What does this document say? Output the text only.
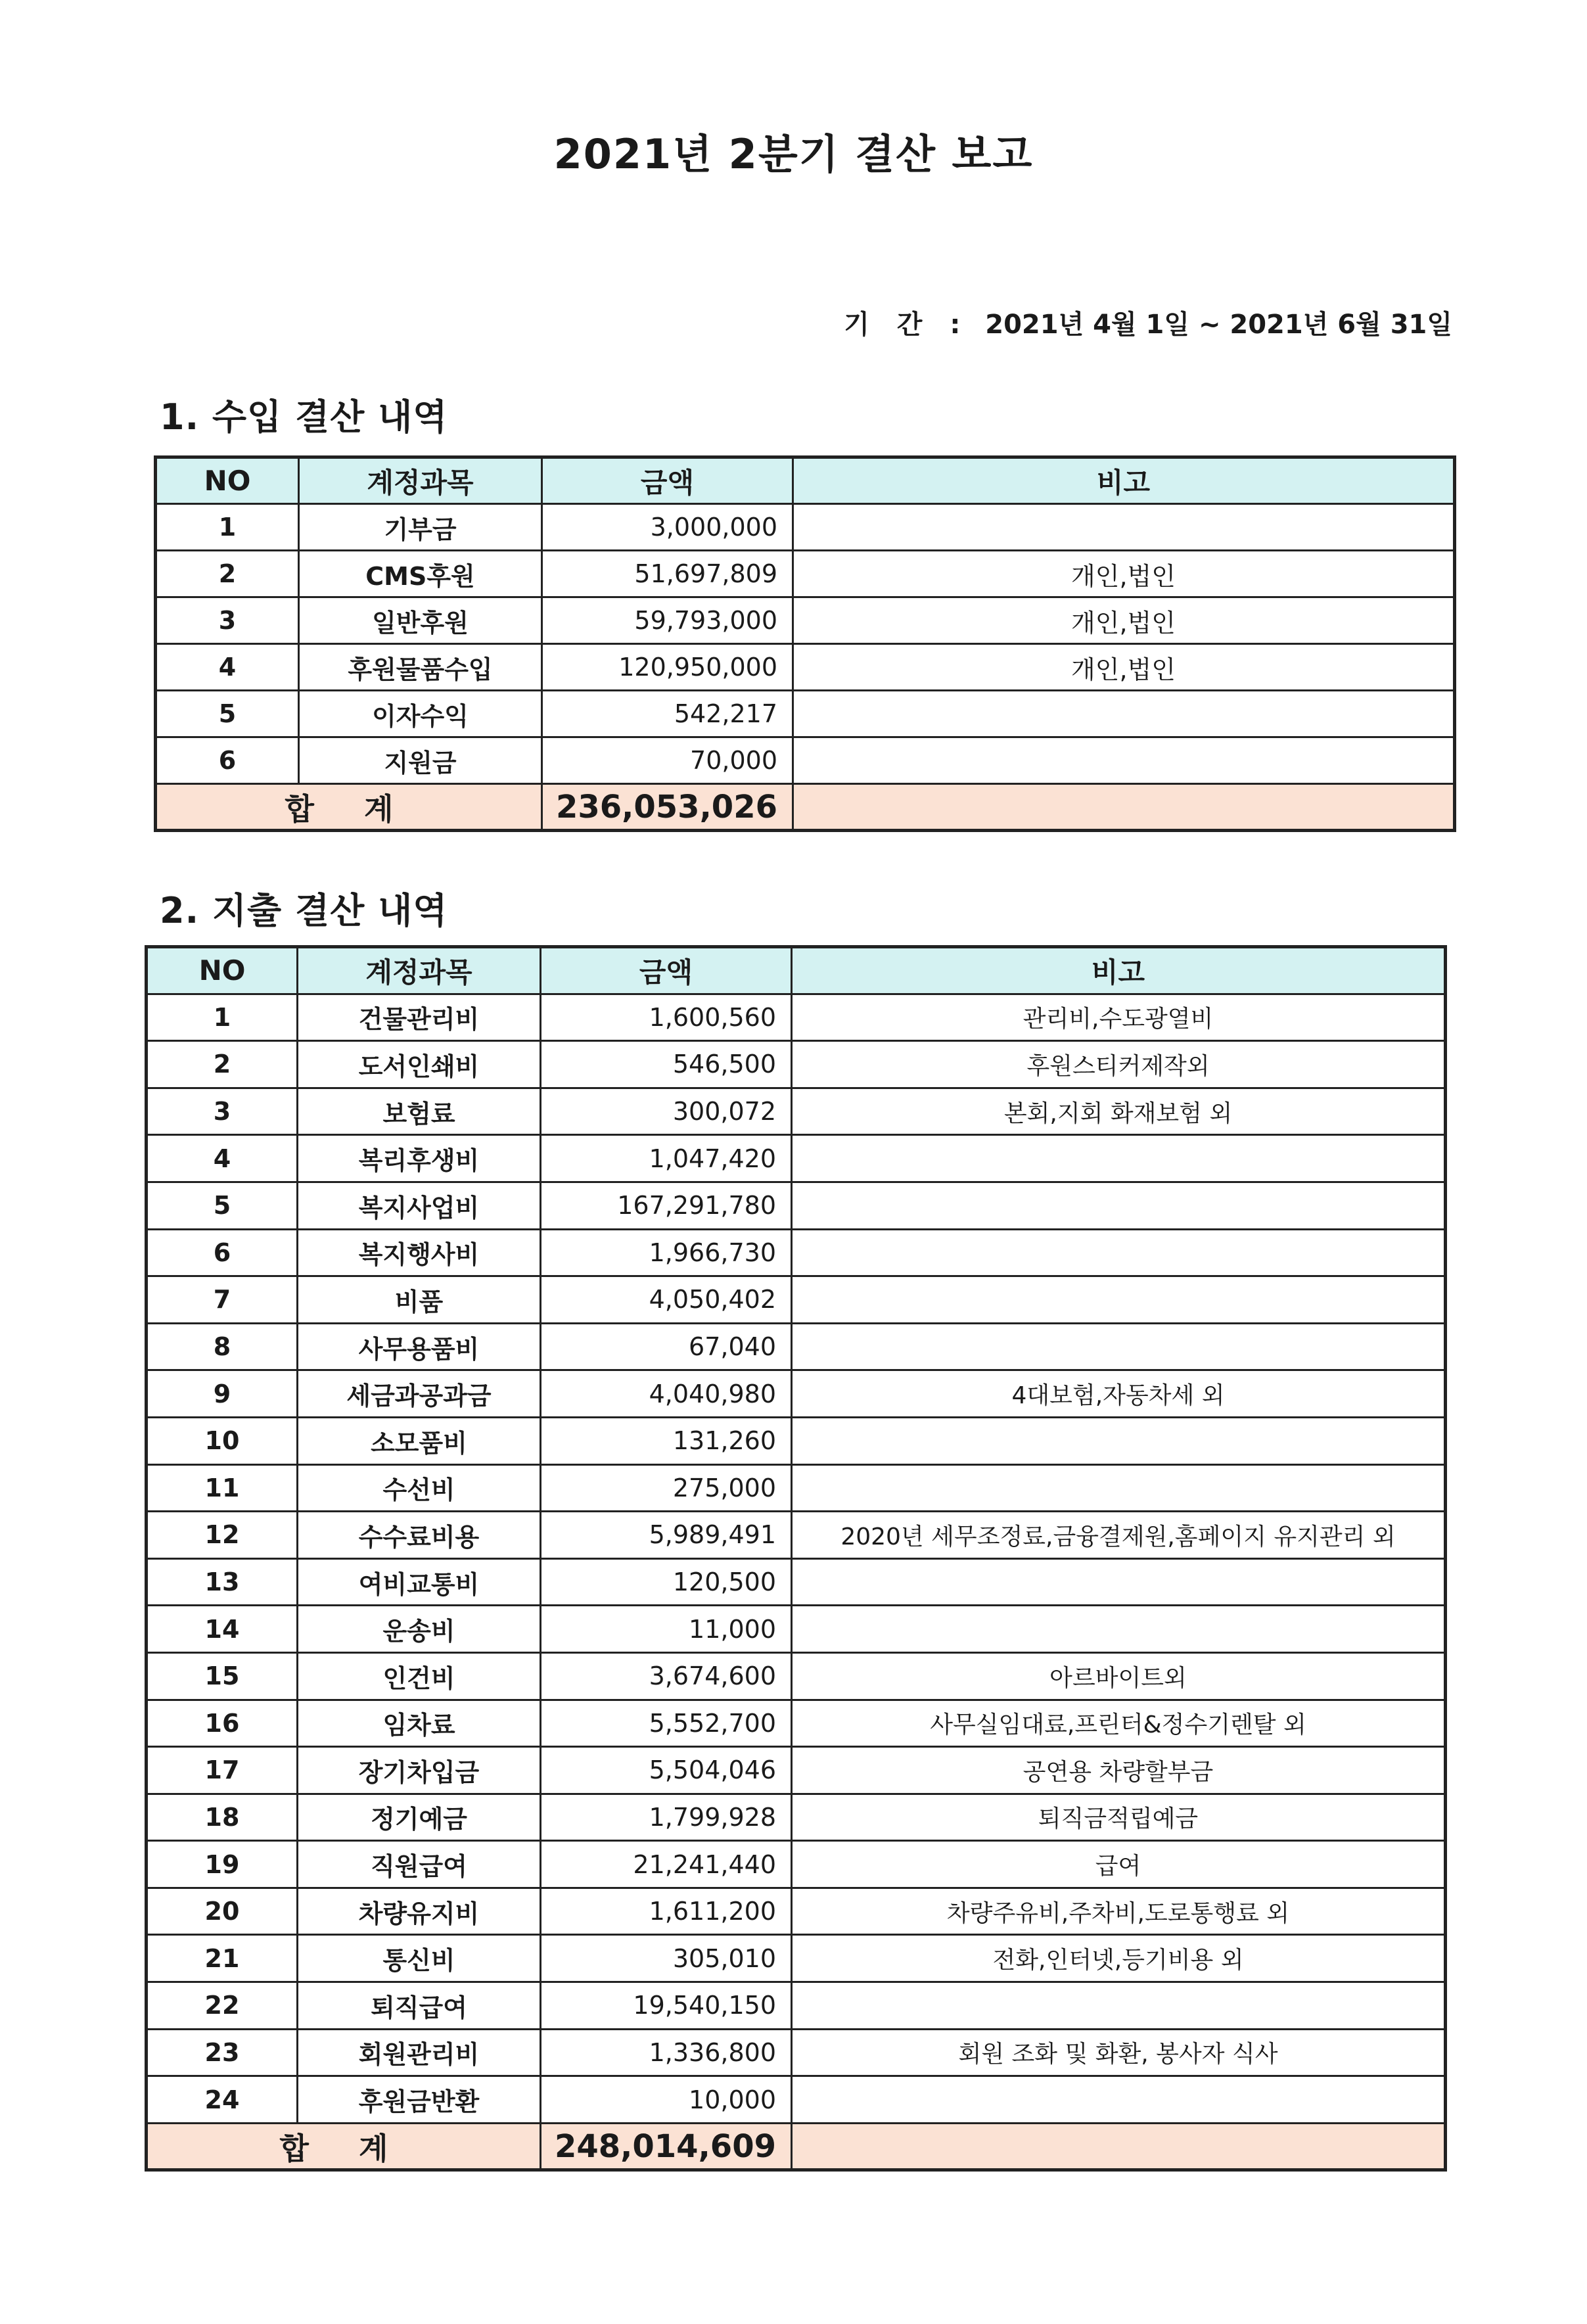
2021년 2분기 결산 보고
기 간 : 2021년 4월 1일 ~ 2021년 6월 31일
1. 수입 결산 내역
NO	계정과목	금액	비고
1	기부금	3,000,000	
2	CMS후원	51,697,809	개인,법인
3	일반후원	59,793,000	개인,법인
4	후원물품수입	120,950,000	개인,법인
5	이자수익	542,217	
6	지원금	70,000	
합 계		236,053,026	
2. 지출 결산 내역
NO	계정과목	금액	비고
1	건물관리비	1,600,560	관리비,수도광열비
2	도서인쇄비	546,500	후원스티커제작외
3	보험료	300,072	본회,지회 화재보험 외
4	복리후생비	1,047,420	
5	복지사업비	167,291,780	
6	복지행사비	1,966,730	
7	비품	4,050,402	
8	사무용품비	67,040	
9	세금과공과금	4,040,980	4대보험,자동차세 외
10	소모품비	131,260	
11	수선비	275,000	
12	수수료비용	5,989,491	2020년 세무조정료,금융결제원,홈페이지 유지관리 외
13	여비교통비	120,500	
14	운송비	11,000	
15	인건비	3,674,600	아르바이트외
16	임차료	5,552,700	사무실임대료,프린터&정수기렌탈 외
17	장기차입금	5,504,046	공연용 차량할부금
18	정기예금	1,799,928	퇴직금적립예금
19	직원급여	21,241,440	급여
20	차량유지비	1,611,200	차량주유비,주차비,도로통행료 외
21	통신비	305,010	전화,인터넷,등기비용 외
22	퇴직급여	19,540,150	
23	회원관리비	1,336,800	회원 조화 및 화환, 봉사자 식사
24	후원금반환	10,000	
합 계		248,014,609	
